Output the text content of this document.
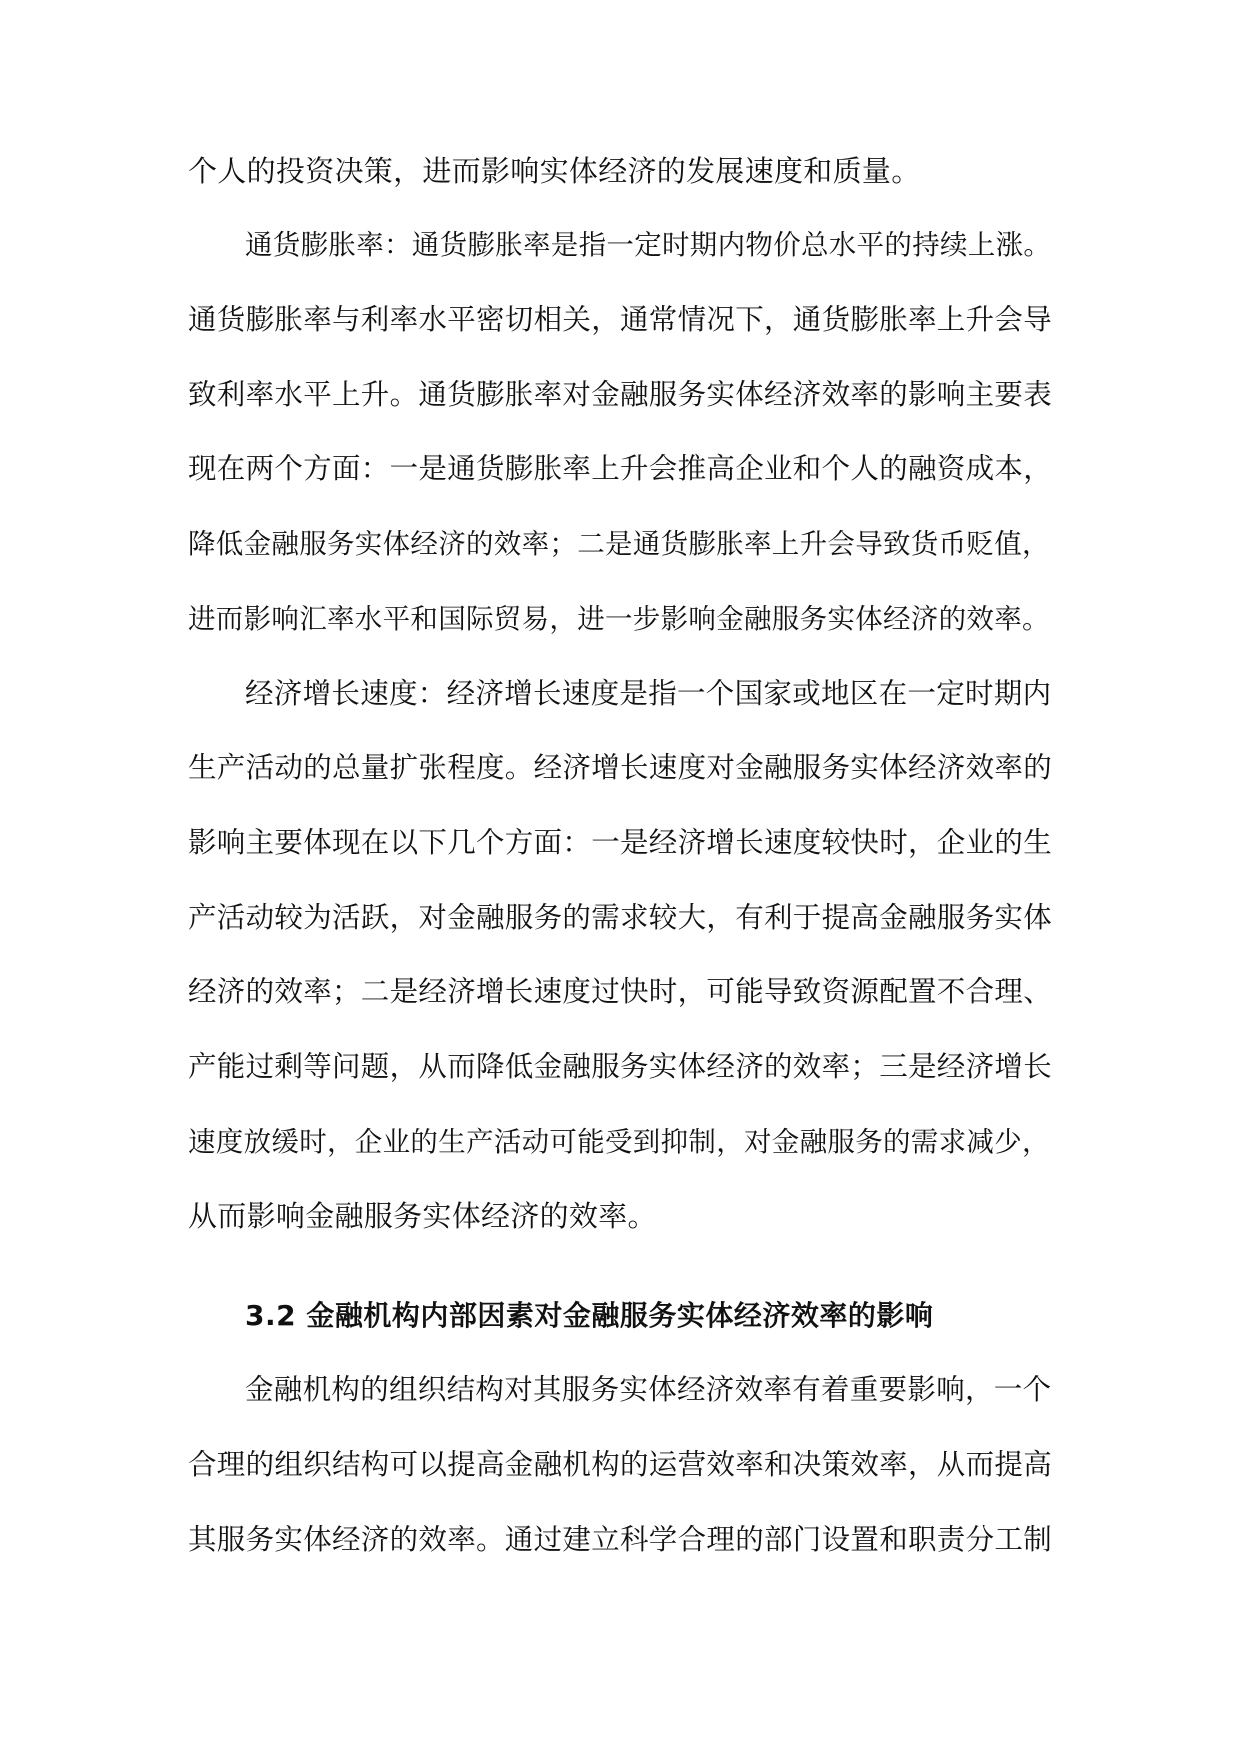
个人的投资决策，进而影响实体经济的发展速度和质量。
通货膨胀率：通货膨胀率是指一定时期内物价总水平的持续上涨。
通货膨胀率与利率水平密切相关，通常情况下，通货膨胀率上升会导
致利率水平上升。通货膨胀率对金融服务实体经济效率的影响主要表
现在两个方面：一是通货膨胀率上升会推高企业和个人的融资成本，
降低金融服务实体经济的效率；二是通货膨胀率上升会导致货币贬值，
进而影响汇率水平和国际贸易，进一步影响金融服务实体经济的效率。
经济增长速度：经济增长速度是指一个国家或地区在一定时期内
生产活动的总量扩张程度。经济增长速度对金融服务实体经济效率的
影响主要体现在以下几个方面：一是经济增长速度较快时，企业的生
产活动较为活跃，对金融服务的需求较大，有利于提高金融服务实体
经济的效率；二是经济增长速度过快时，可能导致资源配置不合理、
产能过剩等问题，从而降低金融服务实体经济的效率；三是经济增长
速度放缓时，企业的生产活动可能受到抑制，对金融服务的需求减少，
从而影响金融服务实体经济的效率。
3.2 金融机构内部因素对金融服务实体经济效率的影响
金融机构的组织结构对其服务实体经济效率有着重要影响，一个
合理的组织结构可以提高金融机构的运营效率和决策效率，从而提高
其服务实体经济的效率。通过建立科学合理的部门设置和职责分工制
